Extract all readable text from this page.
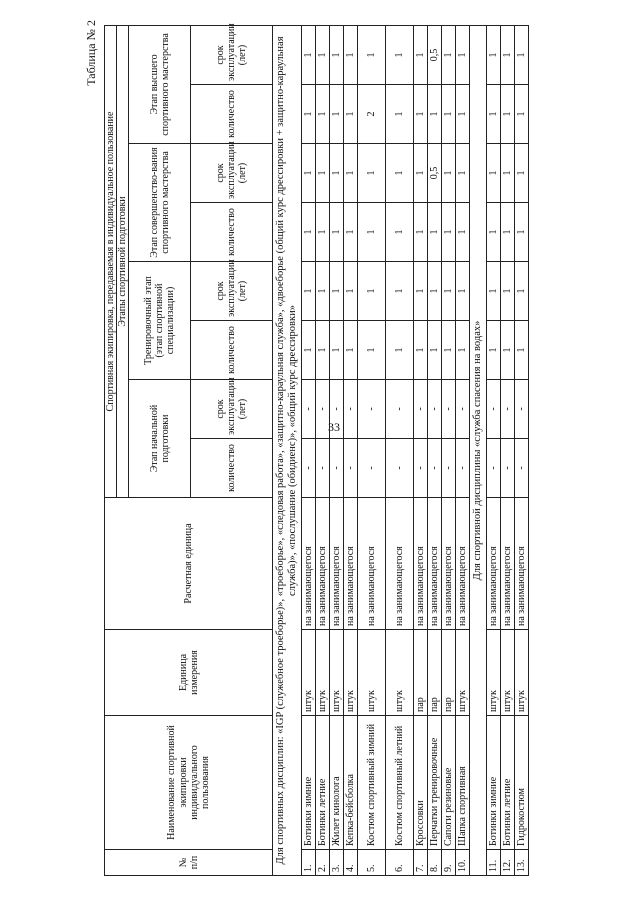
33
Таблица № 2
№ п/п	Наименование спортивной экипировки индивидуального пользования	Единица измерения	Расчетная единица	Спортивная экипировка, передаваемая в индивидуальное пользование							
				Этапы спортивной подготовки							
				Этап начальной подготовки		Тренировочный этап (этап спортивной специализации)		Этап совершенство-вания спортивного мастерства		Этап высшего спортивного мастерства	
				количество	срок эксплуатации (лет)	количество	срок эксплуатации (лет)	количество	срок эксплуатации (лет)	количество	срок эксплуатации (лет)
Для спортивных дисциплин: «IGP (служебное троеборье)», «троеборье», «следовая работа», «защитно-караульная служба», «двоеборье (общий курс дрессировки + защитно-караульная служба)», «послушание (обидиенс)», «общий курс дрессировки»											
1.	Ботинки зимние	штук	на занимающегося	-	-	1	1	1	1	1	1
2.	Ботинки летние	штук	на занимающегося	-	-	1	1	1	1	1	1
3.	Жилет кинолога	штук	на занимающегося	-	-	1	1	1	1	1	1
4.	Кепка-бейсболка	штук	на занимающегося	-	-	1	1	1	1	1	1
5.	Костюм спортивный зимний	штук	на занимающегося	-	-	1	1	1	1	2	1
6.	Костюм спортивный летний	штук	на занимающегося	-	-	1	1	1	1	1	1
7.	Кроссовки	пар	на занимающегося	-	-	1	1	1	1	1	1
8.	Перчатки тренировочные	пар	на занимающегося	-	-	1	1	1	0,5	1	0,5
9.	Сапоги резиновые	пар	на занимающегося	-	-	1	1	1	1	1	1
10.	Шапка спортивная	штук	на занимающегося	-	-	1	1	1	1	1	1
Для спортивной дисциплины «служба спасения на водах»											
11.	Ботинки зимние	штук	на занимающегося	-	-	1	1	1	1	1	1
12.	Ботинки летние	штук	на занимающегося	-	-	1	1	1	1	1	1
13.	Гидрокостюм	штук	на занимающегося	-	-	1	1	1	1	1	1
